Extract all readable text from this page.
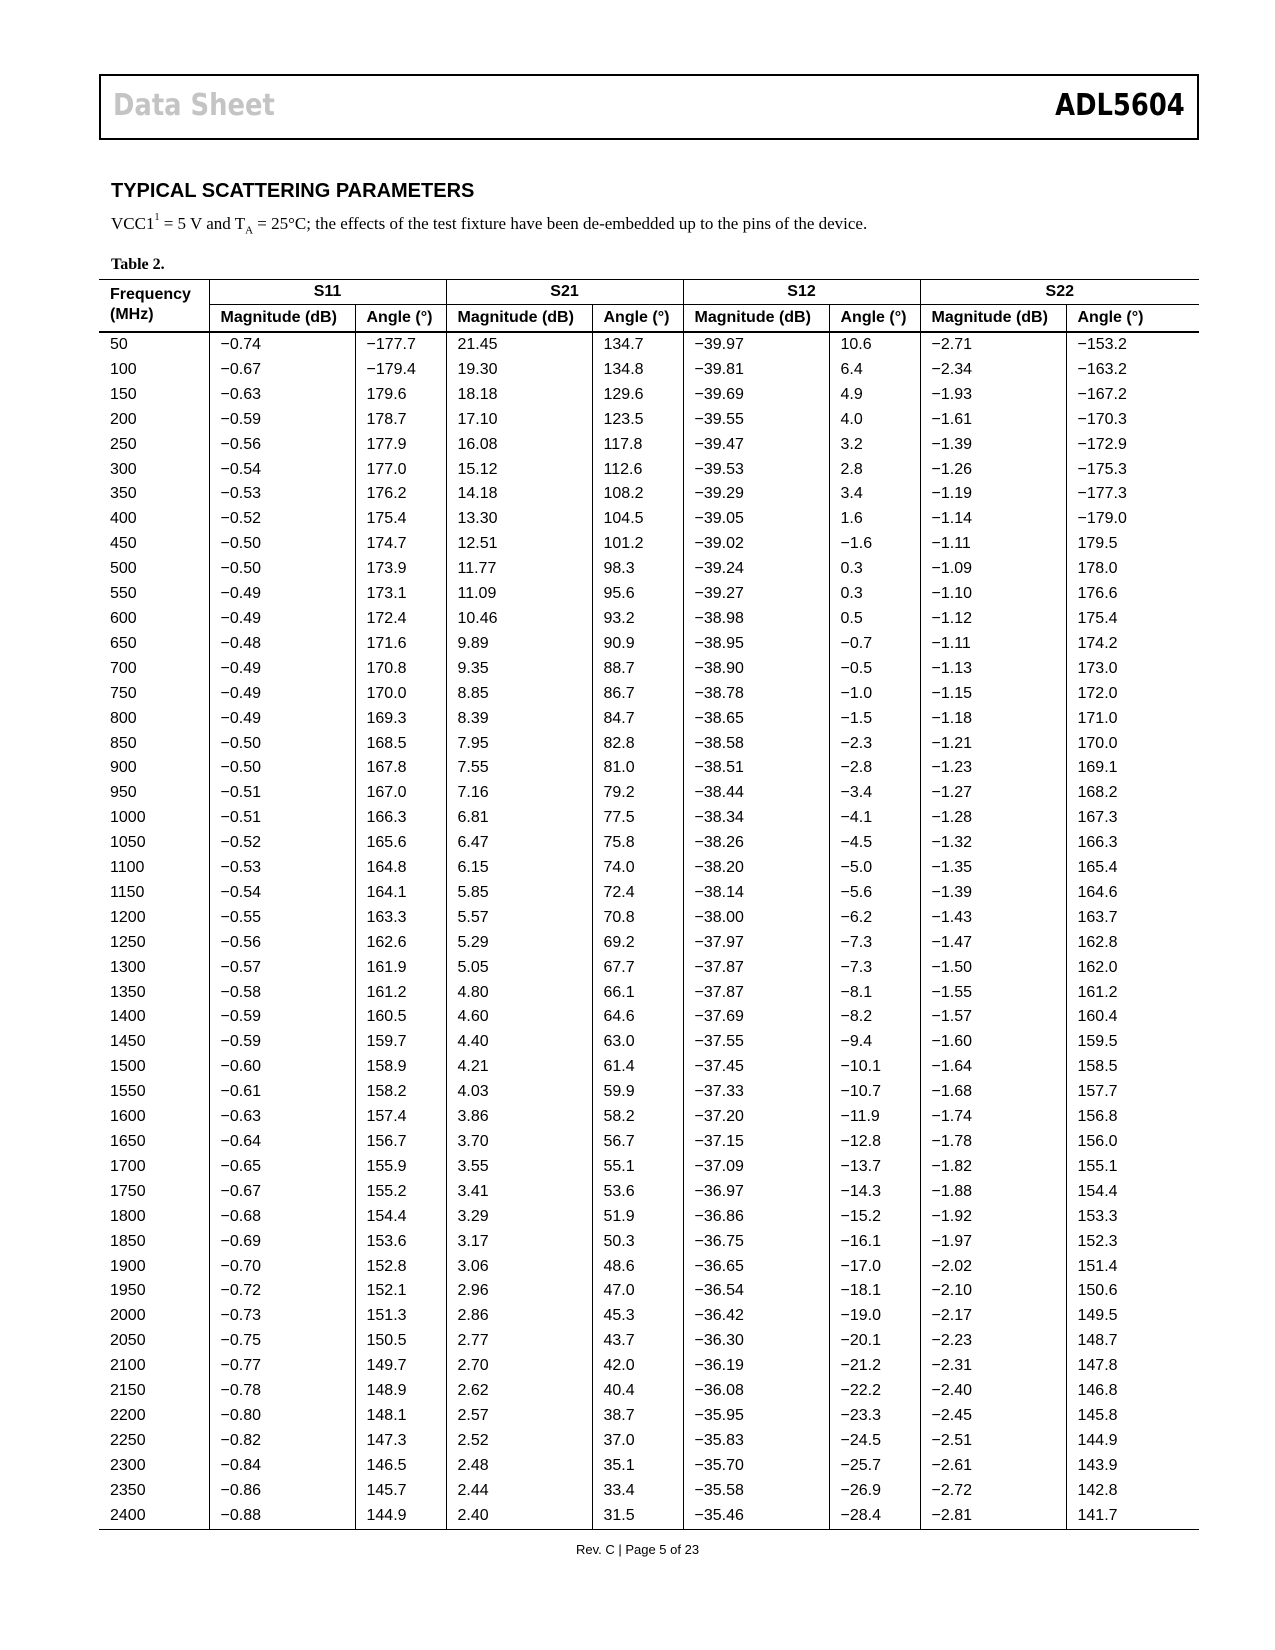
Data Sheet	ADL5604
TYPICAL SCATTERING PARAMETERS
$VCC1^1 = 5$ V and $T_A = 25^\circ C$; the effects of the test fixture have been de-embedded up to the pins of the device.
Table 2.
Frequency
(MHz)	S11		S21		S12		S22	
	Magnitude (dB)	Angle (°)	Magnitude (dB)	Angle (°)	Magnitude (dB)	Angle (°)	Magnitude (dB)	Angle (°)
50	−0.74	−177.7	21.45	134.7	−39.97	10.6	−2.71	−153.2
100	−0.67	−179.4	19.30	134.8	−39.81	6.4	−2.34	−163.2
150	−0.63	179.6	18.18	129.6	−39.69	4.9	−1.93	−167.2
200	−0.59	178.7	17.10	123.5	−39.55	4.0	−1.61	−170.3
250	−0.56	177.9	16.08	117.8	−39.47	3.2	−1.39	−172.9
300	−0.54	177.0	15.12	112.6	−39.53	2.8	−1.26	−175.3
350	−0.53	176.2	14.18	108.2	−39.29	3.4	−1.19	−177.3
400	−0.52	175.4	13.30	104.5	−39.05	1.6	−1.14	−179.0
450	−0.50	174.7	12.51	101.2	−39.02	−1.6	−1.11	179.5
500	−0.50	173.9	11.77	98.3	−39.24	0.3	−1.09	178.0
550	−0.49	173.1	11.09	95.6	−39.27	0.3	−1.10	176.6
600	−0.49	172.4	10.46	93.2	−38.98	0.5	−1.12	175.4
650	−0.48	171.6	9.89	90.9	−38.95	−0.7	−1.11	174.2
700	−0.49	170.8	9.35	88.7	−38.90	−0.5	−1.13	173.0
750	−0.49	170.0	8.85	86.7	−38.78	−1.0	−1.15	172.0
800	−0.49	169.3	8.39	84.7	−38.65	−1.5	−1.18	171.0
850	−0.50	168.5	7.95	82.8	−38.58	−2.3	−1.21	170.0
900	−0.50	167.8	7.55	81.0	−38.51	−2.8	−1.23	169.1
950	−0.51	167.0	7.16	79.2	−38.44	−3.4	−1.27	168.2
1000	−0.51	166.3	6.81	77.5	−38.34	−4.1	−1.28	167.3
1050	−0.52	165.6	6.47	75.8	−38.26	−4.5	−1.32	166.3
1100	−0.53	164.8	6.15	74.0	−38.20	−5.0	−1.35	165.4
1150	−0.54	164.1	5.85	72.4	−38.14	−5.6	−1.39	164.6
1200	−0.55	163.3	5.57	70.8	−38.00	−6.2	−1.43	163.7
1250	−0.56	162.6	5.29	69.2	−37.97	−7.3	−1.47	162.8
1300	−0.57	161.9	5.05	67.7	−37.87	−7.3	−1.50	162.0
1350	−0.58	161.2	4.80	66.1	−37.87	−8.1	−1.55	161.2
1400	−0.59	160.5	4.60	64.6	−37.69	−8.2	−1.57	160.4
1450	−0.59	159.7	4.40	63.0	−37.55	−9.4	−1.60	159.5
1500	−0.60	158.9	4.21	61.4	−37.45	−10.1	−1.64	158.5
1550	−0.61	158.2	4.03	59.9	−37.33	−10.7	−1.68	157.7
1600	−0.63	157.4	3.86	58.2	−37.20	−11.9	−1.74	156.8
1650	−0.64	156.7	3.70	56.7	−37.15	−12.8	−1.78	156.0
1700	−0.65	155.9	3.55	55.1	−37.09	−13.7	−1.82	155.1
1750	−0.67	155.2	3.41	53.6	−36.97	−14.3	−1.88	154.4
1800	−0.68	154.4	3.29	51.9	−36.86	−15.2	−1.92	153.3
1850	−0.69	153.6	3.17	50.3	−36.75	−16.1	−1.97	152.3
1900	−0.70	152.8	3.06	48.6	−36.65	−17.0	−2.02	151.4
1950	−0.72	152.1	2.96	47.0	−36.54	−18.1	−2.10	150.6
2000	−0.73	151.3	2.86	45.3	−36.42	−19.0	−2.17	149.5
2050	−0.75	150.5	2.77	43.7	−36.30	−20.1	−2.23	148.7
2100	−0.77	149.7	2.70	42.0	−36.19	−21.2	−2.31	147.8
2150	−0.78	148.9	2.62	40.4	−36.08	−22.2	−2.40	146.8
2200	−0.80	148.1	2.57	38.7	−35.95	−23.3	−2.45	145.8
2250	−0.82	147.3	2.52	37.0	−35.83	−24.5	−2.51	144.9
2300	−0.84	146.5	2.48	35.1	−35.70	−25.7	−2.61	143.9
2350	−0.86	145.7	2.44	33.4	−35.58	−26.9	−2.72	142.8
2400	−0.88	144.9	2.40	31.5	−35.46	−28.4	−2.81	141.7
Rev. C | Page 5 of 23
